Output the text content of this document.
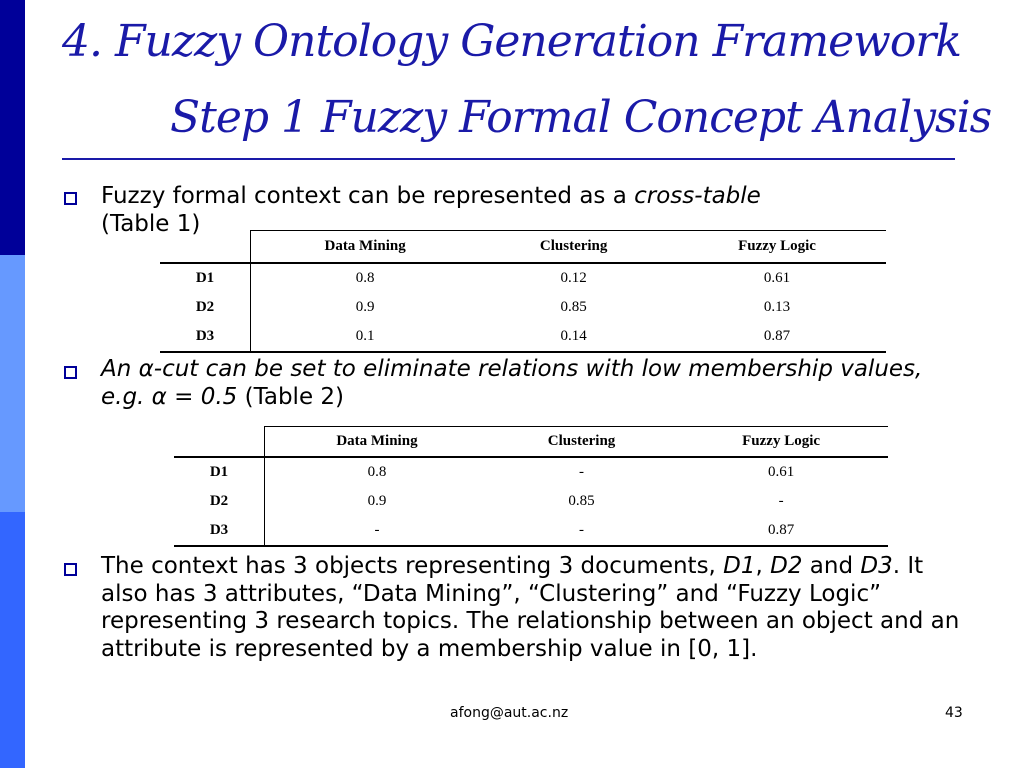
4. Fuzzy Ontology Generation Framework
Step 1 Fuzzy Formal Concept Analysis
Fuzzy formal context can be represented as a cross-table
(Table 1)
	Data Mining	Clustering	Fuzzy Logic
D1	0.8	0.12	0.61
D2	0.9	0.85	0.13
D3	0.1	0.14	0.87
An α-cut can be set to eliminate relations with low membership values, e.g. α = 0.5 (Table 2)
	Data Mining	Clustering	Fuzzy Logic
D1	0.8	-	0.61
D2	0.9	0.85	-
D3	-	-	0.87
The context has 3 objects representing 3 documents, D1, D2 and D3. It also has 3 attributes, “Data Mining”, “Clustering” and “Fuzzy Logic” representing 3 research topics. The relationship between an object and an attribute is represented by a membership value in [0, 1].
afong@aut.ac.nz	43
